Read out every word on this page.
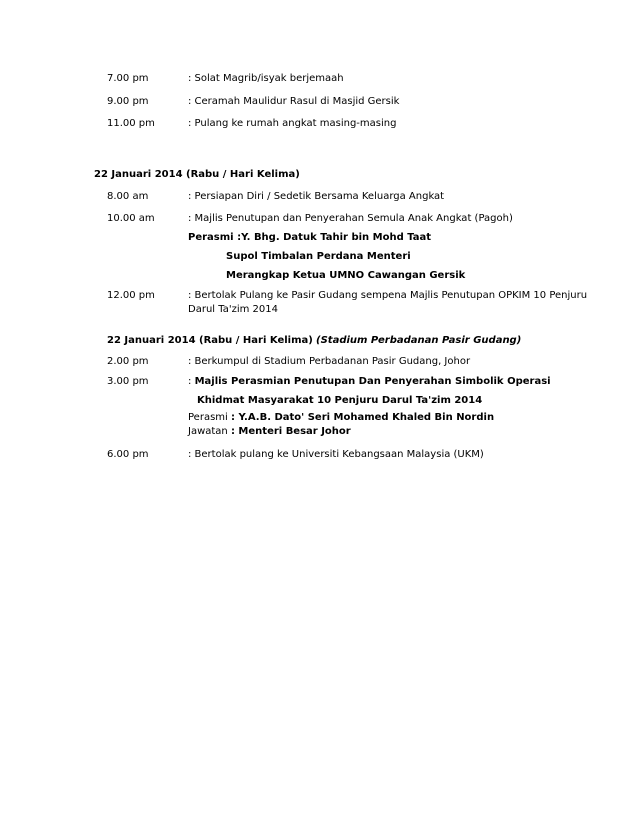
7.00 pm	: Solat Magrib/isyak berjemaah
9.00 pm	: Ceramah Maulidur Rasul di Masjid Gersik
11.00 pm	: Pulang ke rumah angkat masing-masing
22 Januari 2014 (Rabu / Hari Kelima)
8.00 am	: Persiapan Diri / Sedetik Bersama Keluarga Angkat
10.00 am	: Majlis Penutupan dan Penyerahan Semula Anak Angkat (Pagoh)
Perasmi :Y. Bhg. Datuk Tahir bin Mohd Taat
Supol Timbalan Perdana Menteri
Merangkap Ketua UMNO Cawangan Gersik
12.00 pm	: Bertolak Pulang ke Pasir Gudang sempena Majlis Penutupan OPKIM 10 Penjuru
Darul Ta'zim 2014
22 Januari 2014 (Rabu / Hari Kelima) (Stadium Perbadanan Pasir Gudang)
2.00 pm	: Berkumpul di Stadium Perbadanan Pasir Gudang, Johor
3.00 pm	: Majlis Perasmian Penutupan Dan Penyerahan Simbolik Operasi
Khidmat Masyarakat 10 Penjuru Darul Ta'zim 2014
Perasmi : Y.A.B. Dato' Seri Mohamed Khaled Bin Nordin
Jawatan : Menteri Besar Johor
6.00 pm	: Bertolak pulang ke Universiti Kebangsaan Malaysia (UKM)
